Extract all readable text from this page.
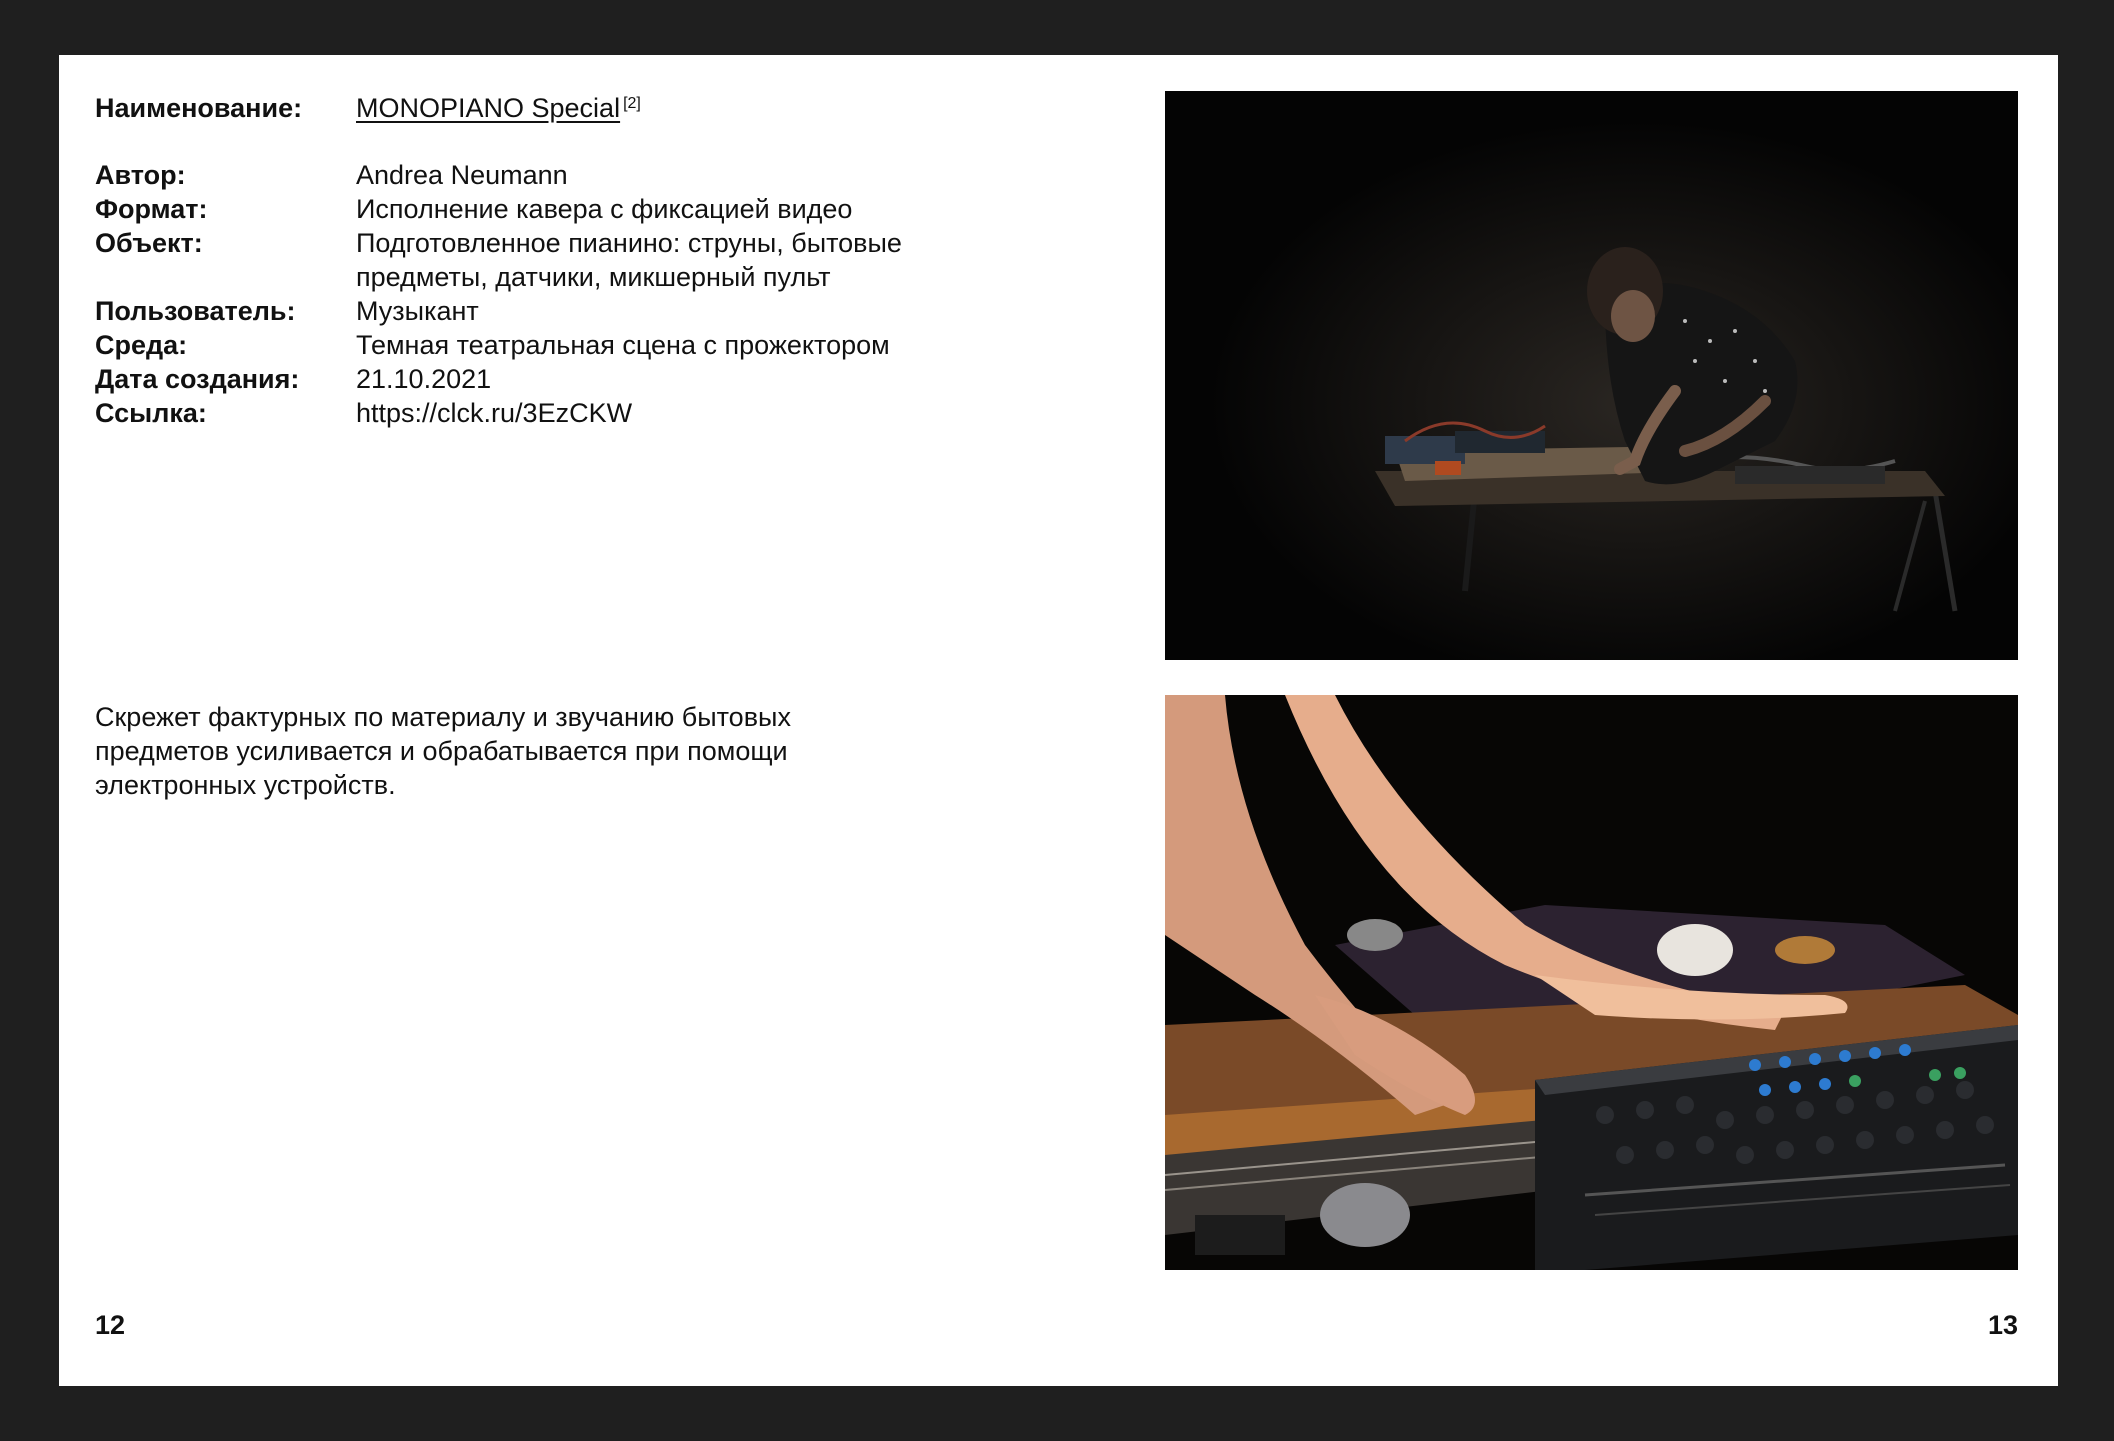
Наименование: MONOPIANO Special [2]
Автор:	Andrea Neumann
Формат:	Исполнение кавера с фиксацией видео
Объект:	Подготовленное пианино: струны, бытовые предметы, датчики, микшерный пульт
Пользователь: Музыкант
Среда:	Темная театральная сцена с прожектором
Дата создания: 21.10.2021
Ссылка:	https://clck.ru/3EzCKW

Скрежет фактурных по материалу и звучанию бытовых предметов усиливается и обрабатывается при помощи электронных устройств.

12	13
